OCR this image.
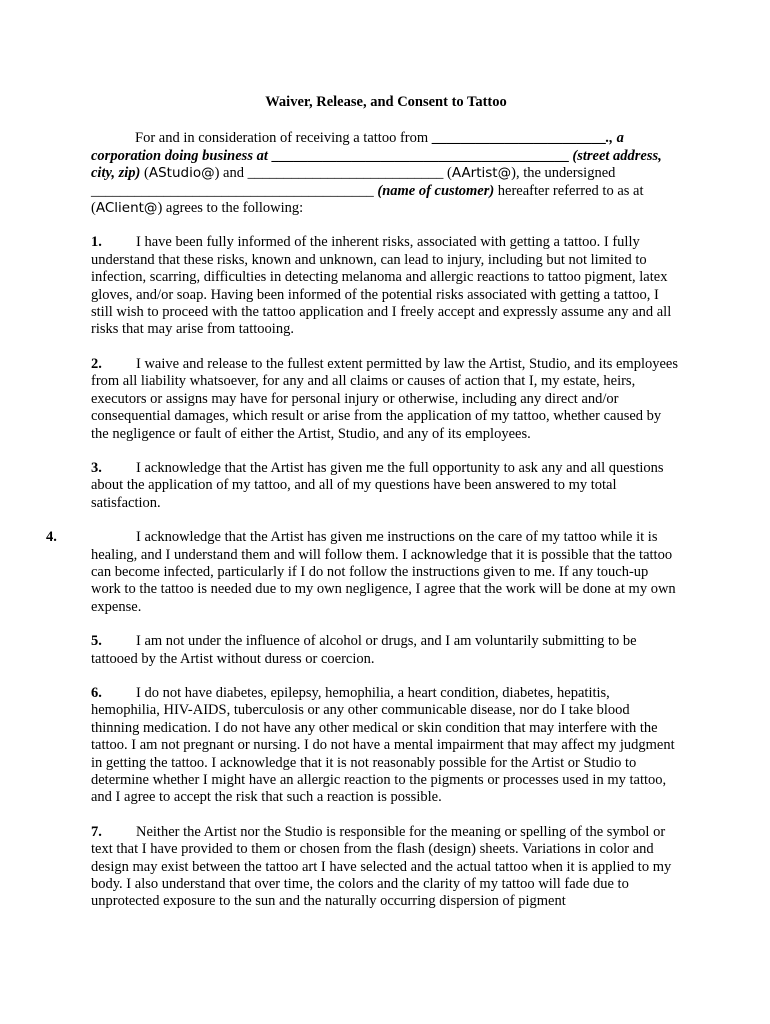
Waiver, Release, and Consent to Tattoo

For and in consideration of receiving a tattoo from ________________________., a corporation doing business at _________________________________________ (street address, city, zip) (AStudio@) and ___________________________ (AArtist@), the undersigned _______________________________________ (name of customer) hereafter referred to as at (AClient@) agrees to the following:

1. I have been fully informed of the inherent risks, associated with getting a tattoo. I fully understand that these risks, known and unknown, can lead to injury, including but not limited to infection, scarring, difficulties in detecting melanoma and allergic reactions to tattoo pigment, latex gloves, and/or soap. Having been informed of the potential risks associated with getting a tattoo, I still wish to proceed with the tattoo application and I freely accept and expressly assume any and all risks that may arise from tattooing.

2. I waive and release to the fullest extent permitted by law the Artist, Studio, and its employees from all liability whatsoever, for any and all claims or causes of action that I, my estate, heirs, executors or assigns may have for personal injury or otherwise, including any direct and/or consequential damages, which result or arise from the application of my tattoo, whether caused by the negligence or fault of either the Artist, Studio, and any of its employees.

3. I acknowledge that the Artist has given me the full opportunity to ask any and all questions about the application of my tattoo, and all of my questions have been answered to my total satisfaction.

4.	I acknowledge that the Artist has given me instructions on the care of my tattoo while it is
healing, and I understand them and will follow them. I acknowledge that it is possible that the tattoo can become infected, particularly if I do not follow the instructions given to me. If any touch-up work to the tattoo is needed due to my own negligence, I agree that the work will be done at my own expense.

5. I am not under the influence of alcohol or drugs, and I am voluntarily submitting to be tattooed by the Artist without duress or coercion.

6. I do not have diabetes, epilepsy, hemophilia, a heart condition, diabetes, hepatitis, hemophilia, HIV-AIDS, tuberculosis or any other communicable disease, nor do I take blood thinning medication. I do not have any other medical or skin condition that may interfere with the tattoo. I am not pregnant or nursing. I do not have a mental impairment that may affect my judgment in getting the tattoo. I acknowledge that it is not reasonably possible for the Artist or Studio to determine whether I might have an allergic reaction to the pigments or processes used in my tattoo, and I agree to accept the risk that such a reaction is possible.

7. Neither the Artist nor the Studio is responsible for the meaning or spelling of the symbol or text that I have provided to them or chosen from the flash (design) sheets. Variations in color and design may exist between the tattoo art I have selected and the actual tattoo when it is applied to my body. I also understand that over time, the colors and the clarity of my tattoo will fade due to unprotected exposure to the sun and the naturally occurring dispersion of pigment
